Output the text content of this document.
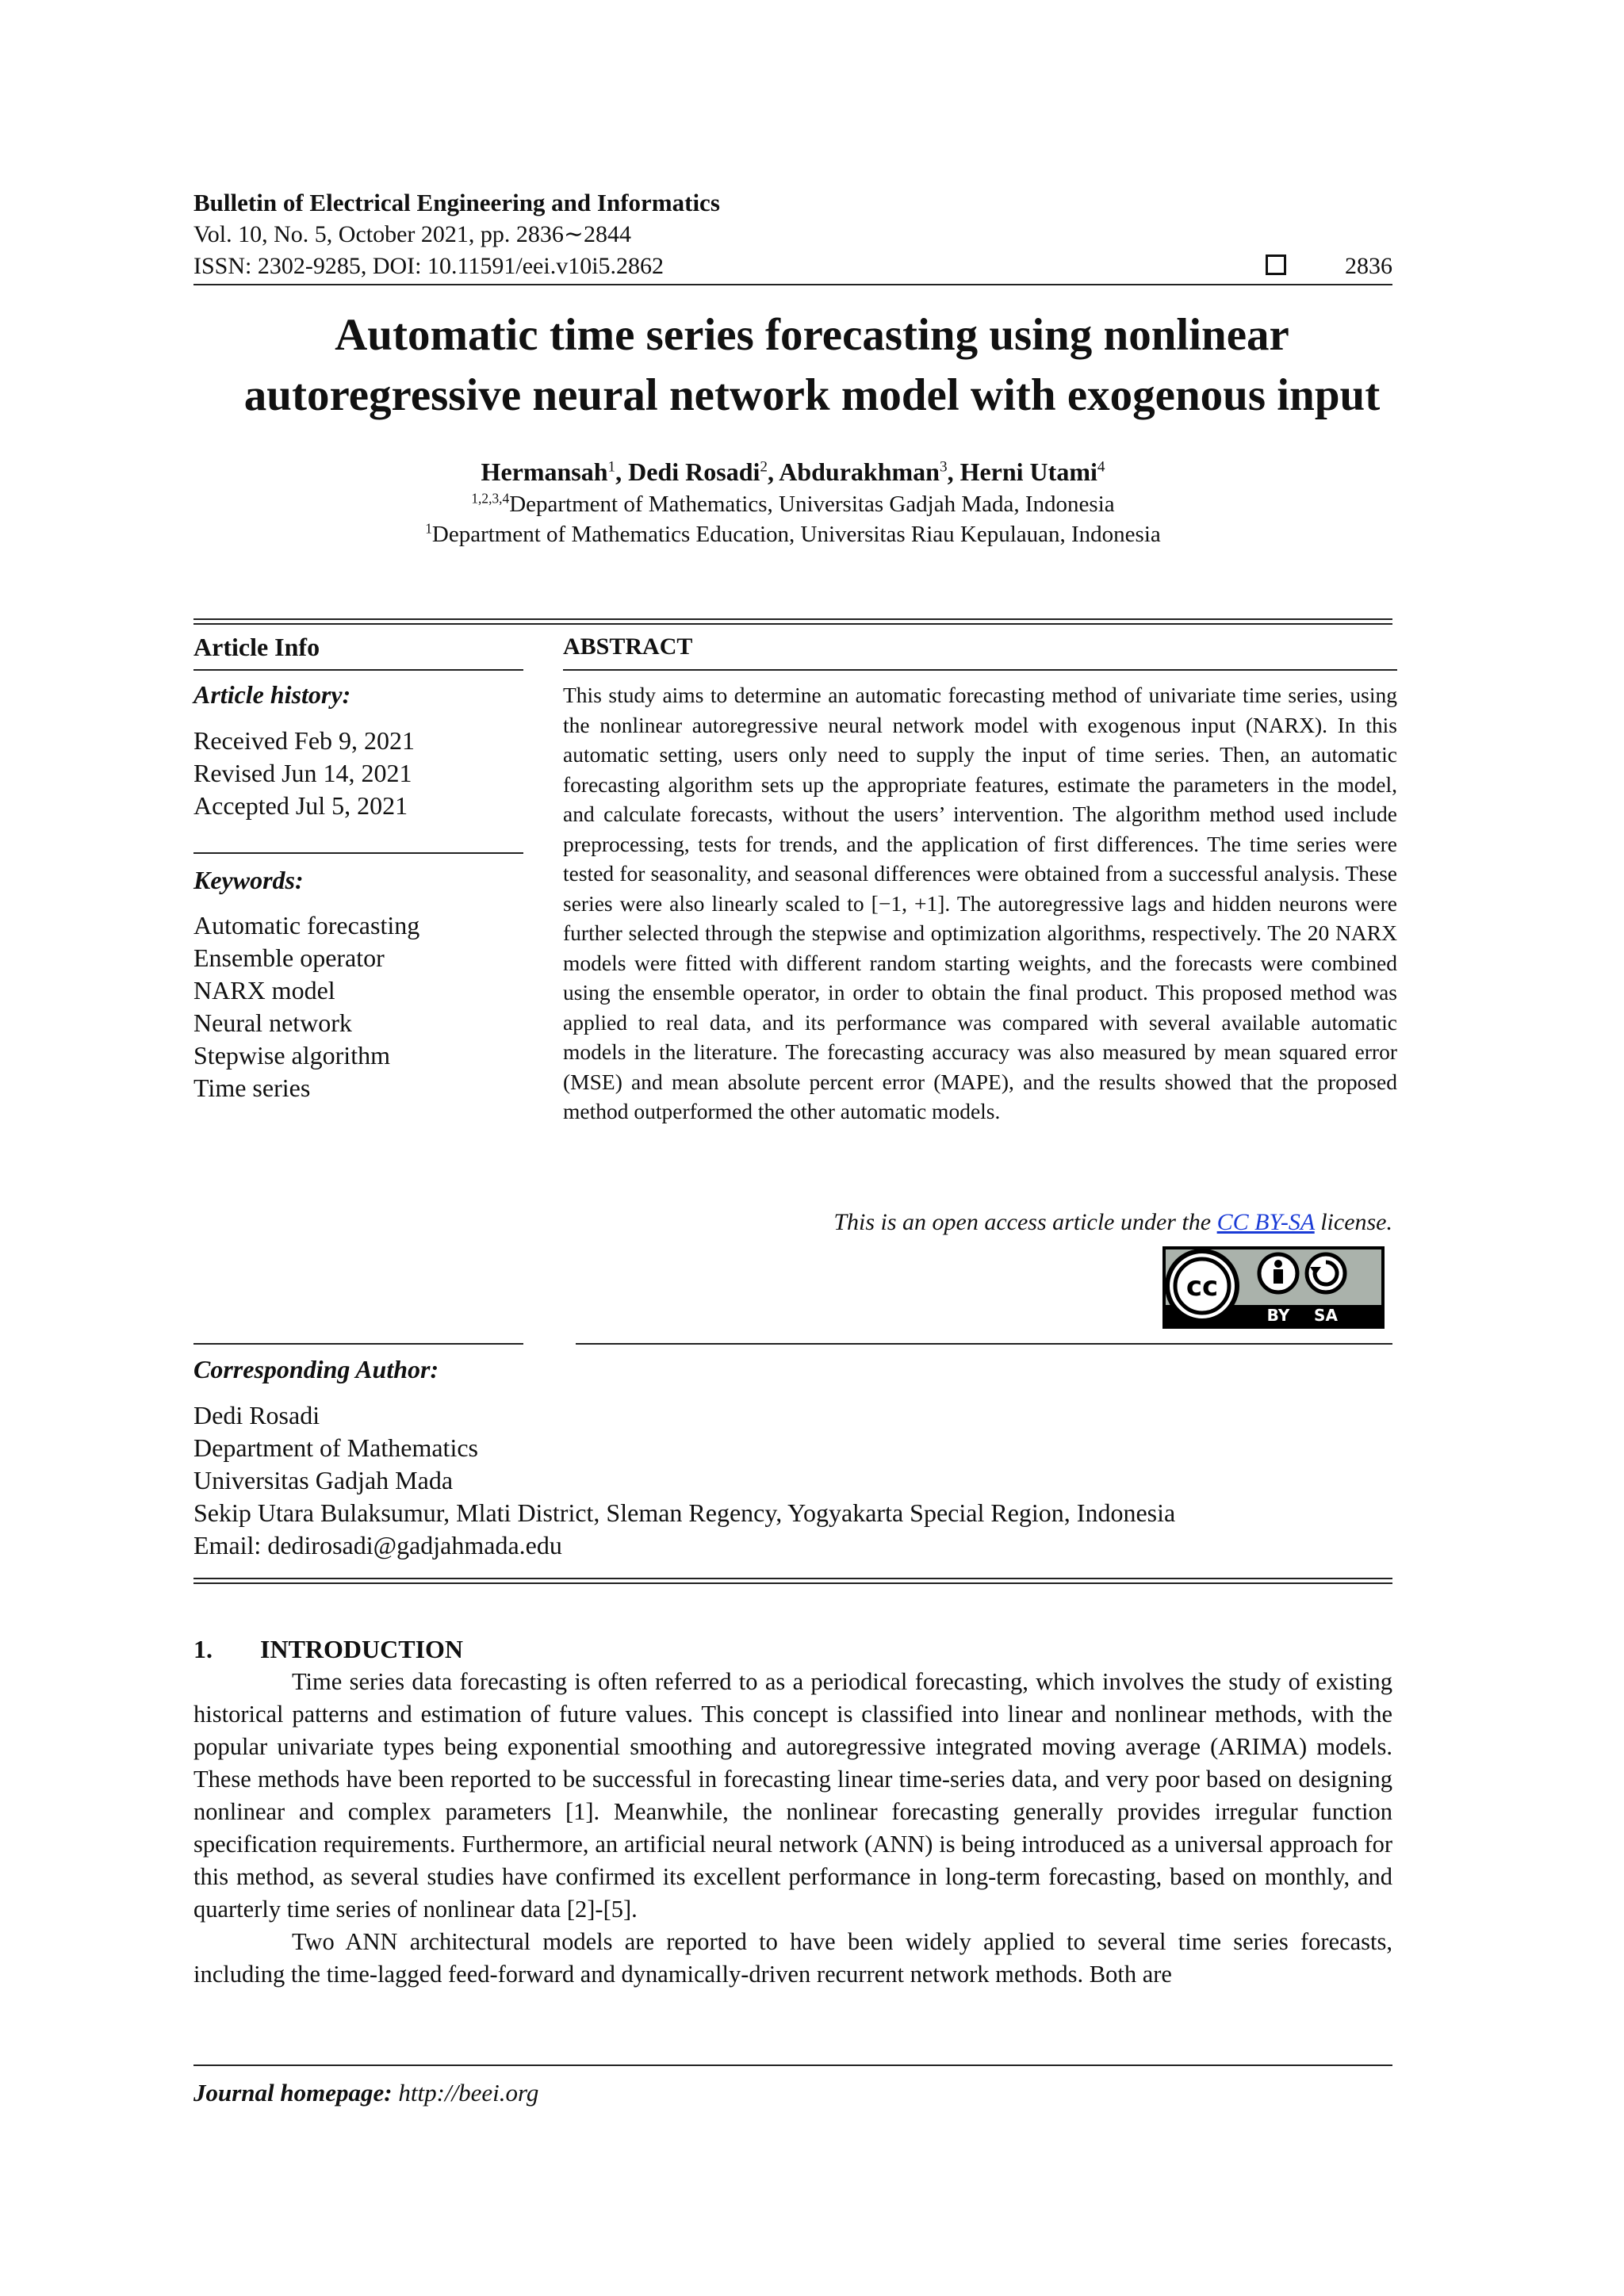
Bulletin of Electrical Engineering and Informatics
Vol. 10, No. 5, October 2021, pp. 2836∼2844
ISSN: 2302-9285, DOI: 10.11591/eei.v10i5.2862	2836
Automatic time series forecasting using nonlinear
autoregressive neural network model with exogenous input
Hermansah$^1$, Dedi Rosadi$^2$, Abdurakhman$^3$, Herni Utami$^4$
$^{1,2,3,4}$Department of Mathematics, Universitas Gadjah Mada, Indonesia
$^1$Department of Mathematics Education, Universitas Riau Kepulauan, Indonesia
Article Info
Article history:
Received Feb 9, 2021
Revised Jun 14, 2021
Accepted Jul 5, 2021
Keywords:
Automatic forecasting
Ensemble operator
NARX model
Neural network
Stepwise algorithm
Time series
ABSTRACT
This study aims to determine an automatic forecasting method of univariate time series, using the nonlinear autoregressive neural network model with exogenous input (NARX). In this automatic setting, users only need to supply the input of time series. Then, an automatic forecasting algorithm sets up the appropriate features, estimate the parameters in the model, and calculate forecasts, without the users’ intervention. The algorithm method used include preprocessing, tests for trends, and the application of first differences. The time series were tested for seasonality, and seasonal differences were obtained from a successful analysis. These series were also linearly scaled to [−1, +1]. The autoregressive lags and hidden neurons were further selected through the stepwise and optimization algorithms, respectively. The 20 NARX models were fitted with different random starting weights, and the forecasts were combined using the ensemble operator, in order to obtain the final product. This proposed method was applied to real data, and its performance was compared with several available automatic models in the literature. The forecasting accuracy was also measured by mean squared error (MSE) and mean absolute percent error (MAPE), and the results showed that the proposed method outperformed the other automatic models.
This is an open access article under the CC BY-SA license.
cc
BY SA
Corresponding Author:
Dedi Rosadi
Department of Mathematics
Universitas Gadjah Mada
Sekip Utara Bulaksumur, Mlati District, Sleman Regency, Yogyakarta Special Region, Indonesia
Email: dedirosadi@gadjahmada.edu
1. INTRODUCTION

Time series data forecasting is often referred to as a periodical forecasting, which involves the study of existing historical patterns and estimation of future values. This concept is classified into linear and nonlinear methods, with the popular univariate types being exponential smoothing and autoregressive integrated moving average (ARIMA) models. These methods have been reported to be successful in forecasting linear time-series data, and very poor based on designing nonlinear and complex parameters [1]. Meanwhile, the nonlinear forecasting generally provides irregular function specification requirements. Furthermore, an artificial neural network (ANN) is being introduced as a universal approach for this method, as several studies have confirmed its excellent performance in long-term forecasting, based on monthly, and quarterly time series of nonlinear data [2]-[5].

Two ANN architectural models are reported to have been widely applied to several time series forecasts, including the time-lagged feed-forward and dynamically-driven recurrent network methods. Both are

Journal homepage: http://beei.org
